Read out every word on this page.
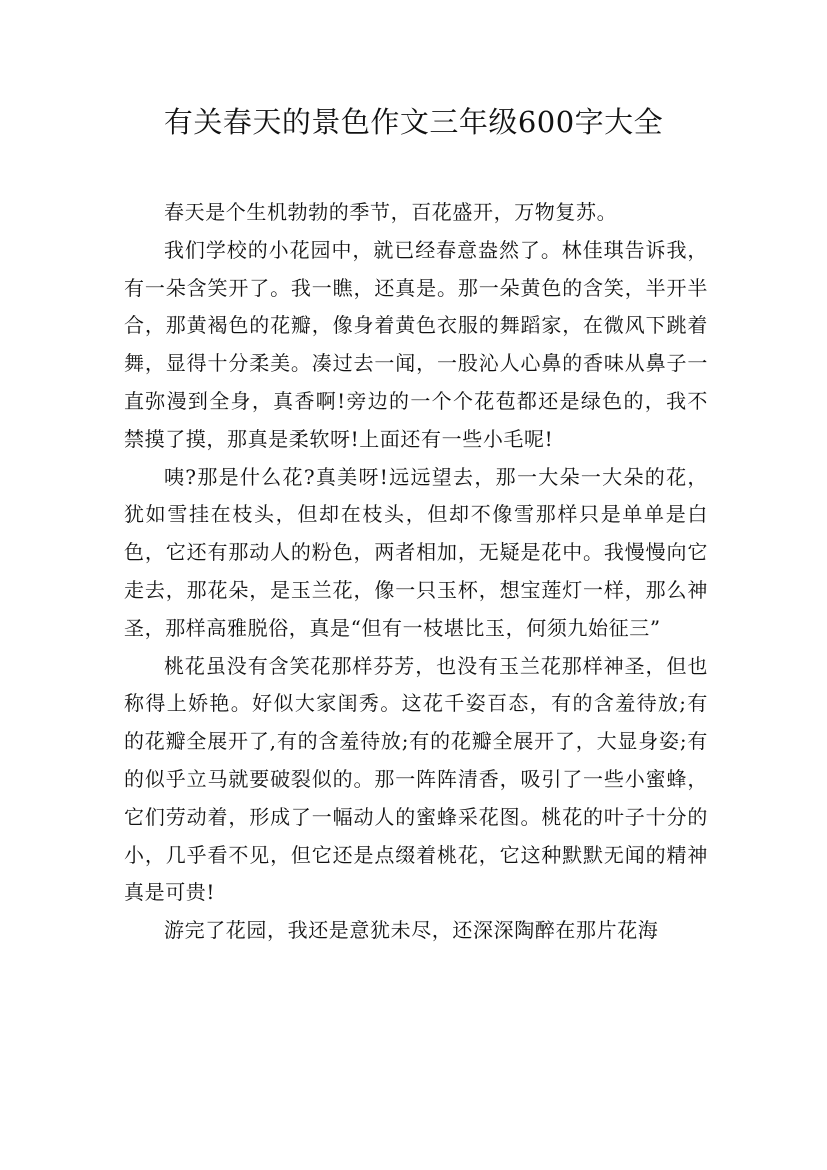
有关春天的景色作文三年级600字大全

春天是个生机勃勃的季节，百花盛开，万物复苏。

我们学校的小花园中，就已经春意盎然了。林佳琪告诉我，有一朵含笑开了。我一瞧，还真是。那一朵黄色的含笑，半开半合，那黄褐色的花瓣，像身着黄色衣服的舞蹈家，在微风下跳着舞，显得十分柔美。凑过去一闻，一股沁人心鼻的香味从鼻子一直弥漫到全身，真香啊!旁边的一个个花苞都还是绿色的，我不禁摸了摸，那真是柔软呀!上面还有一些小毛呢!

咦?那是什么花?真美呀!远远望去，那一大朵一大朵的花，犹如雪挂在枝头，但却在枝头，但却不像雪那样只是单单是白色，它还有那动人的粉色，两者相加，无疑是花中。我慢慢向它走去，那花朵，是玉兰花，像一只玉杯，想宝莲灯一样，那么神圣，那样高雅脱俗，真是“但有一枝堪比玉，何须九始征三”

桃花虽没有含笑花那样芬芳，也没有玉兰花那样神圣，但也称得上娇艳。好似大家闺秀。这花千姿百态，有的含羞待放;有的花瓣全展开了,有的含羞待放;有的花瓣全展开了，大显身姿;有的似乎立马就要破裂似的。那一阵阵清香，吸引了一些小蜜蜂，它们劳动着，形成了一幅动人的蜜蜂采花图。桃花的叶子十分的小，几乎看不见，但它还是点缀着桃花，它这种默默无闻的精神真是可贵!

游完了花园，我还是意犹未尽，还深深陶醉在那片花海
